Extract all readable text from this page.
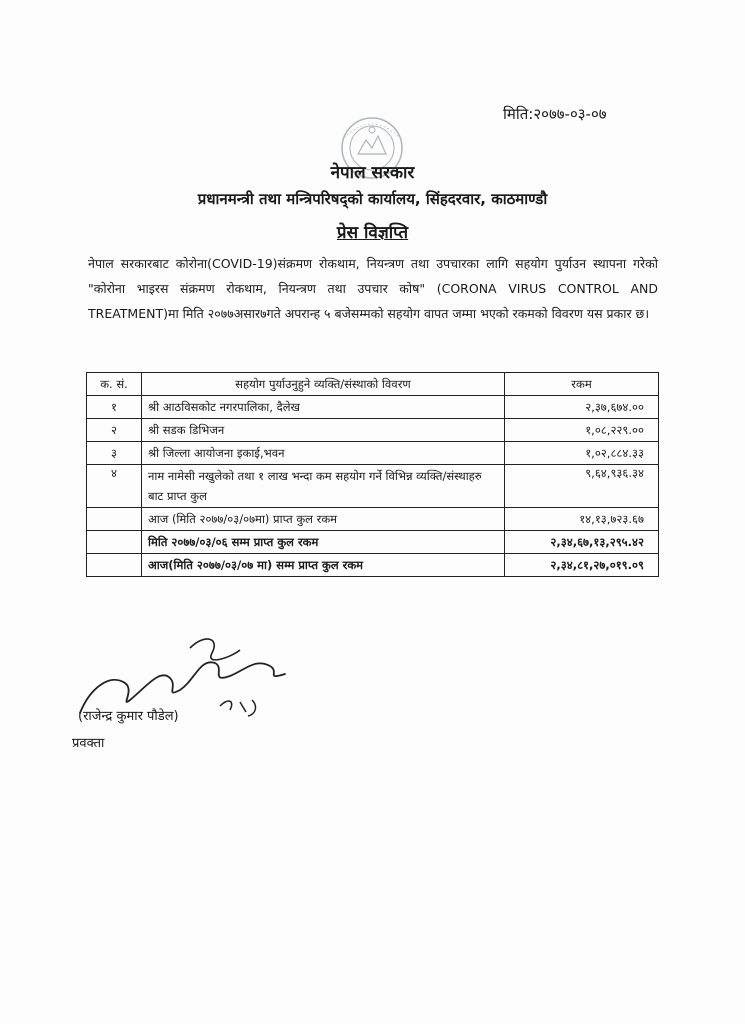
मिति:२०७७-०३-०७
नेपाल सरकार
प्रधानमन्त्री तथा मन्त्रिपरिषद्को कार्यालय, सिंहदरवार, काठमाण्डौ
प्रेस विज्ञप्ति
नेपाल सरकारबाट कोरोना(COVID-19)संक्रमण रोकथाम, नियन्त्रण तथा उपचारका लागि सहयोग पुर्याउन स्थापना गरेको "कोरोना भाइरस संक्रमण रोकथाम, नियन्त्रण तथा उपचार कोष" (CORONA VIRUS CONTROL AND TREATMENT)मा मिति २०७७असार७गते अपरान्ह ५ बजेसम्मको सहयोग वापत जम्मा भएको रकमको विवरण यस प्रकार छ।
क. सं.	सहयोग पुर्याउनुहुने व्यक्ति/संस्थाको विवरण	रकम
१	श्री आठविसकोट नगरपालिका, दैलेख	२,३७,६७४.००
२	श्री सडक डिभिजन	१,०८,२२९.००
३	श्री जिल्ला आयोजना इकाई,भवन	१,०२,८८४.३३
४	नाम नामेसी नखुलेको तथा १ लाख भन्दा कम सहयोग गर्ने विभिन्न व्यक्ति/संस्थाहरु बाट प्राप्त कुल	९,६४,९३६.३४
	आज (मिति २०७७/०३/०७मा) प्राप्त कुल रकम	१४,१३,७२३.६७
	मिति २०७७/०३/०६ सम्म प्राप्त कुल रकम	२,३४,६७,१३,२९५.४२
	आज(मिति २०७७/०३/०७ मा) सम्म प्राप्त कुल रकम	२,३४,८१,२७,०१९.०९
(राजेन्द्र कुमार पौडेल)
प्रवक्ता
